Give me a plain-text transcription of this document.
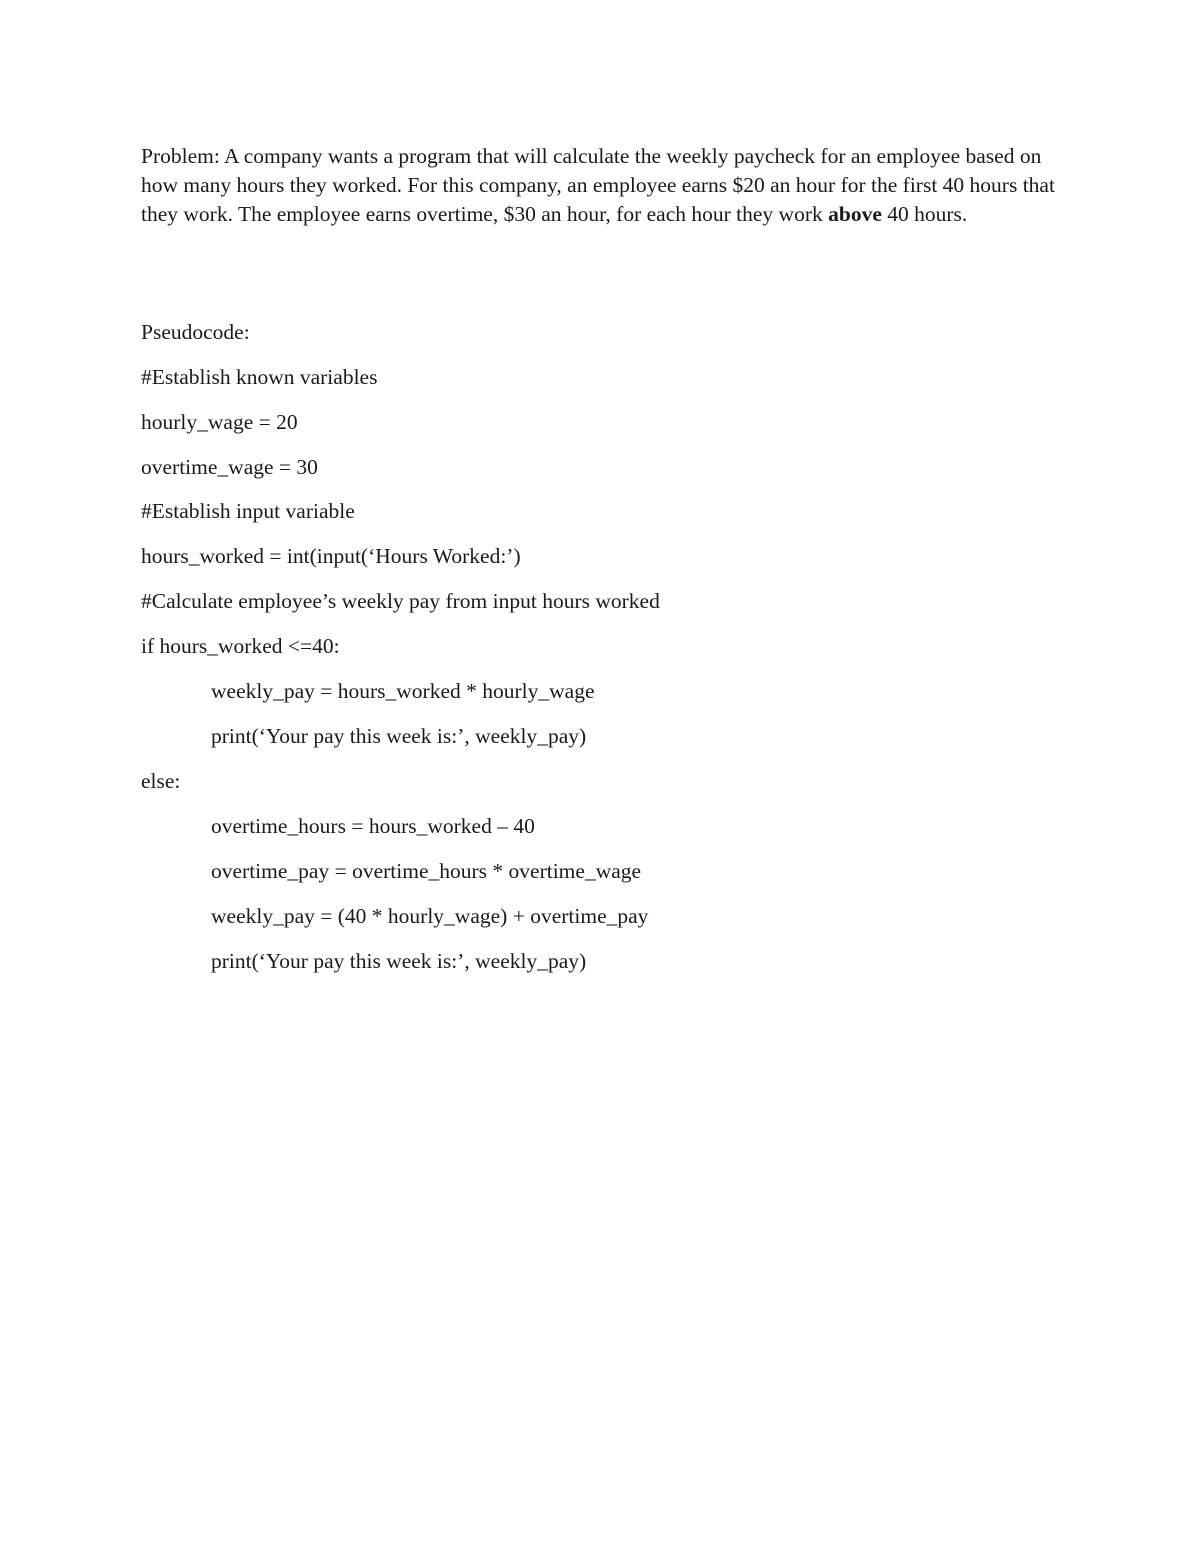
Problem: A company wants a program that will calculate the weekly paycheck for an employee based on how many hours they worked. For this company, an employee earns $20 an hour for the first 40 hours that they work. The employee earns overtime, $30 an hour, for each hour they work above 40 hours.

Pseudocode:

#Establish known variables

hourly_wage = 20

overtime_wage = 30

#Establish input variable

hours_worked = int(input(‘Hours Worked:’)

#Calculate employee’s weekly pay from input hours worked

if hours_worked <=40:

weekly_pay = hours_worked * hourly_wage

print(‘Your pay this week is:’, weekly_pay)

else:

overtime_hours = hours_worked – 40

overtime_pay = overtime_hours * overtime_wage

weekly_pay = (40 * hourly_wage) + overtime_pay

print(‘Your pay this week is:’, weekly_pay)
